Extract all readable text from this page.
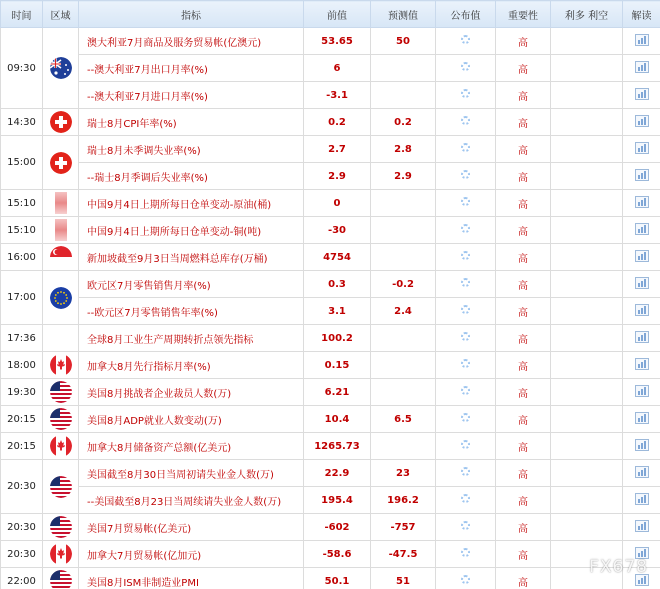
时间	区域	指标	前值	预测值	公布值	重要性	利多 利空	解读
09:30		澳大利亚7月商品及服务贸易帐(亿澳元)	53.65	50		高		
		--澳大利亚7月出口月率(%)	6			高		
		--澳大利亚7月进口月率(%)	-3.1			高		
14:30		瑞士8月CPI年率(%)	0.2	0.2		高		
15:00		瑞士8月未季调失业率(%)	2.7	2.8		高		
		--瑞士8月季调后失业率(%)	2.9	2.9		高		
15:10		中国9月4日上期所每日仓单变动-原油(桶)	0			高		
15:10		中国9月4日上期所每日仓单变动-铜(吨)	-30			高		
16:00		新加坡截至9月3日当周燃料总库存(万桶)	4754			高		
17:00		欧元区7月零售销售月率(%)	0.3	-0.2		高		
		--欧元区7月零售销售年率(%)	3.1	2.4		高		
17:36		全球8月工业生产周期转折点领先指标	100.2			高		
18:00		加拿大8月先行指标月率(%)	0.15			高		
19:30		美国8月挑战者企业裁员人数(万)	6.21			高		
20:15		美国8月ADP就业人数变动(万)	10.4	6.5		高		
20:15		加拿大8月储备资产总额(亿美元)	1265.73			高		
20:30		美国截至8月30日当周初请失业金人数(万)	22.9	23		高		
		--美国截至8月23日当周续请失业金人数(万)	195.4	196.2		高		
20:30		美国7月贸易帐(亿美元)	-602	-757		高		
20:30		加拿大7月贸易帐(亿加元)	-58.6	-47.5		高		
22:00		美国8月ISM非制造业PMI	50.1	51		高		
FX678
